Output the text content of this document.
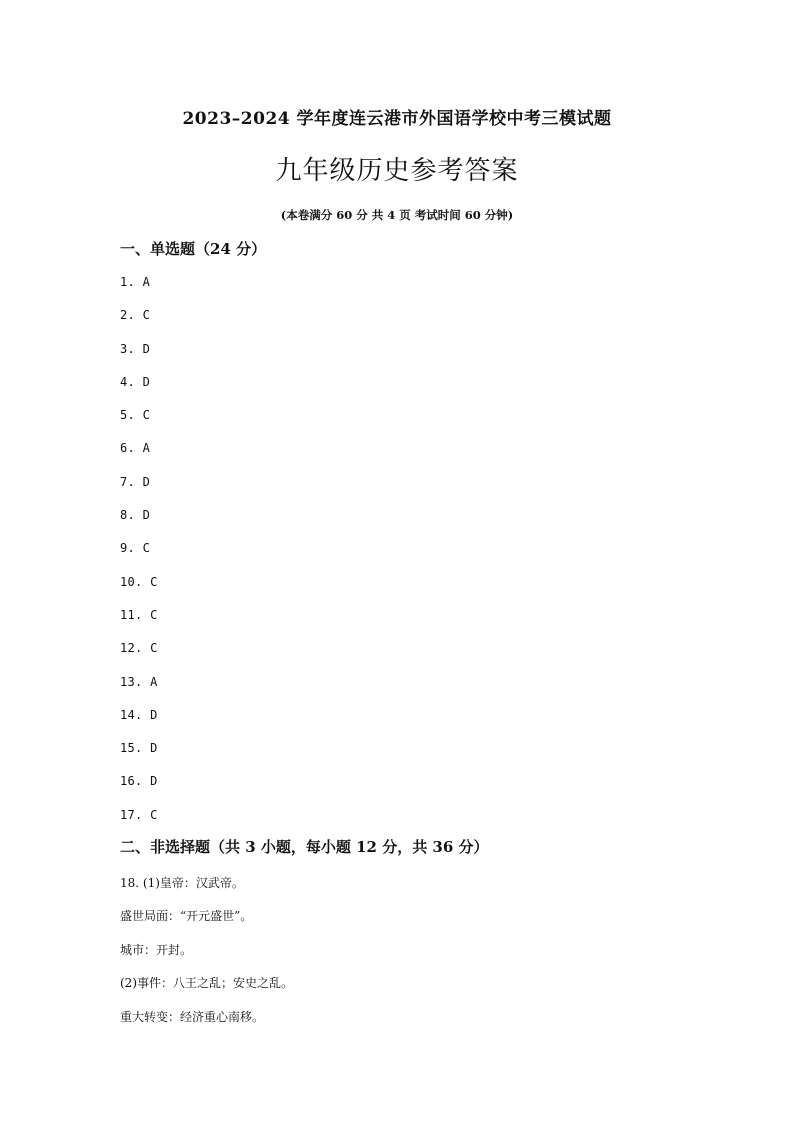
2023–2024 学年度连云港市外国语学校中考三模试题
九年级历史参考答案
(本卷满分 60 分 共 4 页 考试时间 60 分钟)
一、单选题（24 分）
1. A
2. C
3. D
4. D
5. C
6. A
7. D
8. D
9. C
10. C
11. C
12. C
13. A
14. D
15. D
16. D
17. C
二、非选择题（共 3 小题，每小题 12 分，共 36 分）
18. (1)皇帝：汉武帝。
盛世局面：“开元盛世”。
城市：开封。
(2)事件：八王之乱；安史之乱。
重大转变：经济重心南移。
